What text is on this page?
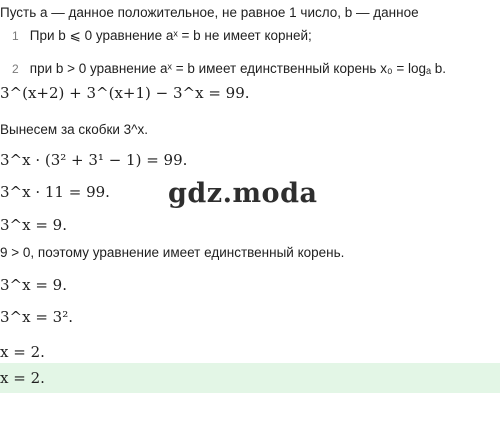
Пусть a — данное положительное, не равное 1 число, b — данное
1 При b ⩽ 0 уравнение aˣ = b не имеет корней;
2 при b > 0 уравнение aˣ = b имеет единственный корень x₀ = logₐ b.
3^(x+2) + 3^(x+1) − 3^x = 99.
Вынесем за скобки 3^x.
3^x · (3² + 3¹ − 1) = 99.
3^x · 11 = 99.
3^x = 9.
9 > 0, поэтому уравнение имеет единственный корень.
3^x = 9.
3^x = 3².
x = 2.
x = 2.
gdz.moda
